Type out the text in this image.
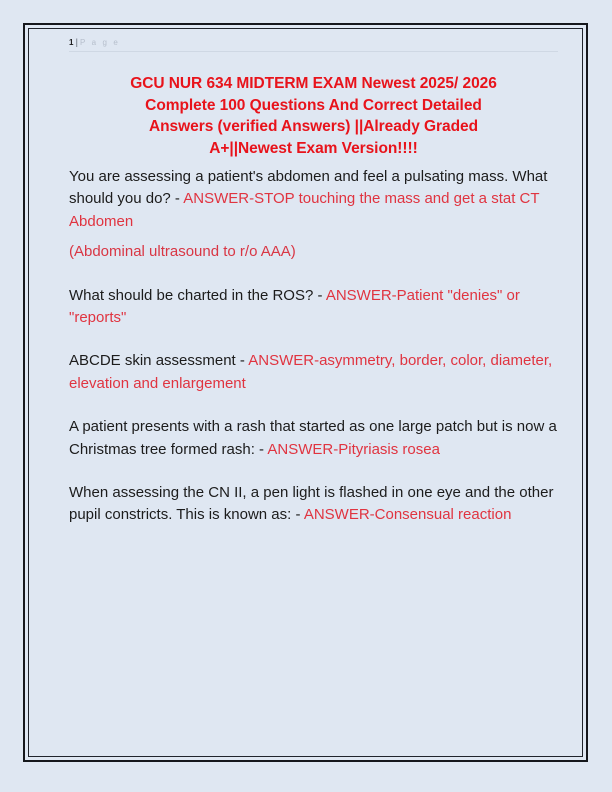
1 | P a g e
GCU NUR 634 MIDTERM EXAM Newest 2025/ 2026
Complete 100 Questions And Correct Detailed
Answers (verified Answers) ||Already Graded
A+||Newest Exam Version!!!!

You are assessing a patient's abdomen and feel a pulsating mass. What should you do? - ANSWER-STOP touching the mass and get a stat CT Abdomen
(Abdominal ultrasound to r/o AAA)

What should be charted in the ROS? - ANSWER-Patient "denies" or "reports"

ABCDE skin assessment - ANSWER-asymmetry, border, color, diameter, elevation and enlargement

A patient presents with a rash that started as one large patch but is now a Christmas tree formed rash: - ANSWER-Pityriasis rosea

When assessing the CN II, a pen light is flashed in one eye and the other pupil constricts. This is known as: - ANSWER-Consensual reaction
